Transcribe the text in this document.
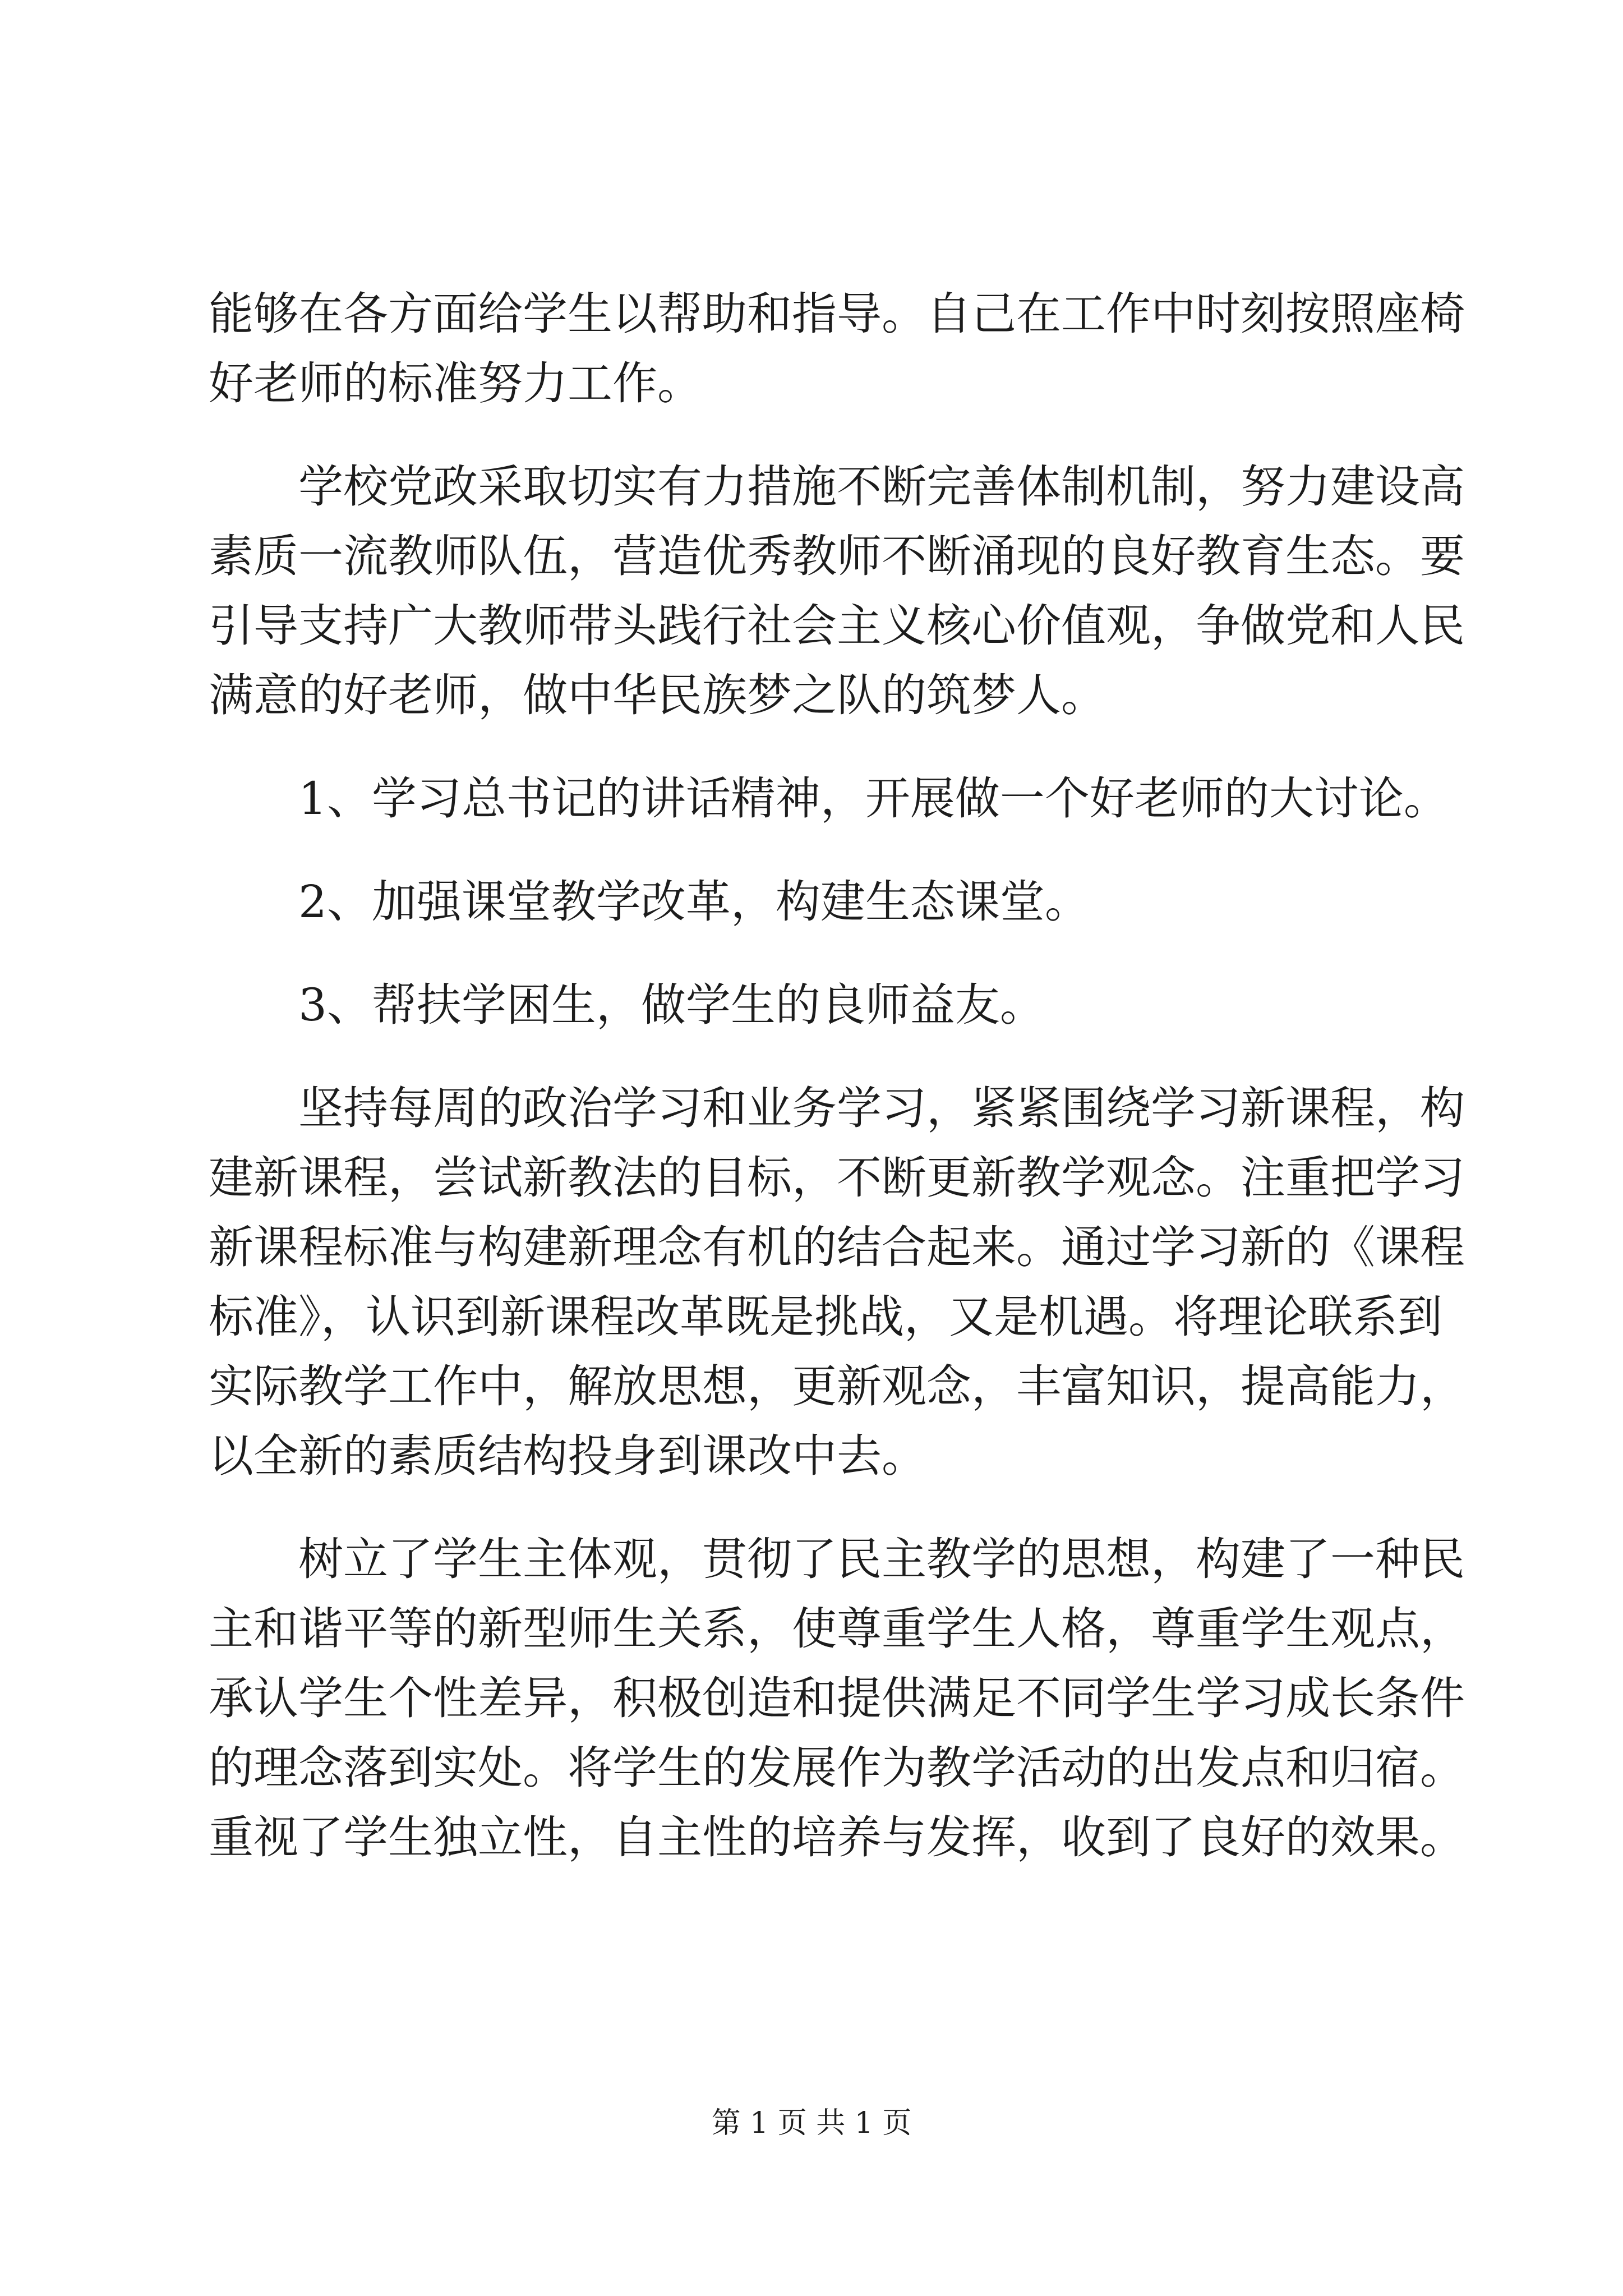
能够在各方面给学生以帮助和指导。自己在工作中时刻按照座椅
好老师的标准努力工作。
学校党政采取切实有力措施不断完善体制机制，努力建设高
素质一流教师队伍，营造优秀教师不断涌现的良好教育生态。要
引导支持广大教师带头践行社会主义核心价值观，争做党和人民
满意的好老师，做中华民族梦之队的筑梦人。
1、学习总书记的讲话精神，开展做一个好老师的大讨论。
2、加强课堂教学改革，构建生态课堂。
3、帮扶学困生，做学生的良师益友。
坚持每周的政治学习和业务学习，紧紧围绕学习新课程，构
建新课程，尝试新教法的目标，不断更新教学观念。注重把学习
新课程标准与构建新理念有机的结合起来。通过学习新的《课程
标准》，认识到新课程改革既是挑战，又是机遇。将理论联系到
实际教学工作中，解放思想，更新观念，丰富知识，提高能力，
以全新的素质结构投身到课改中去。
树立了学生主体观，贯彻了民主教学的思想，构建了一种民
主和谐平等的新型师生关系，使尊重学生人格，尊重学生观点，
承认学生个性差异，积极创造和提供满足不同学生学习成长条件
的理念落到实处。将学生的发展作为教学活动的出发点和归宿。
重视了学生独立性，自主性的培养与发挥，收到了良好的效果。
第 1 页 共 1 页
